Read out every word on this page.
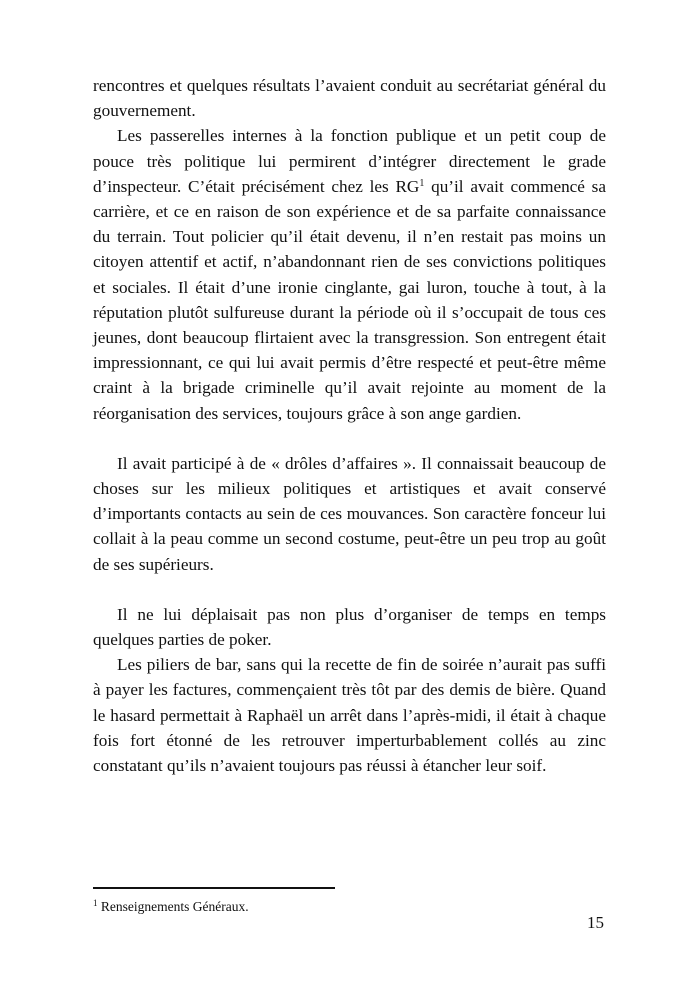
rencontres et quelques résultats l’avaient conduit au secrétariat général du gouvernement.

Les passerelles internes à la fonction publique et un petit coup de pouce très politique lui permirent d’intégrer directement le grade d’inspecteur. C’était précisément chez les $RG^1$ qu’il avait commencé sa carrière, et ce en raison de son expérience et de sa parfaite connaissance du terrain. Tout policier qu’il était devenu, il n’en restait pas moins un citoyen attentif et actif, n’abandonnant rien de ses convictions politiques et sociales. Il était d’une ironie cinglante, gai luron, touche à tout, à la réputation plutôt sulfureuse durant la période où il s’occupait de tous ces jeunes, dont beaucoup flirtaient avec la transgression. Son entregent était impressionnant, ce qui lui avait permis d’être respecté et peut-être même craint à la brigade criminelle qu’il avait rejointe au moment de la réorganisation des services, toujours grâce à son ange gardien.

Il avait participé à de « drôles d’affaires ». Il connaissait beaucoup de choses sur les milieux politiques et artistiques et avait conservé d’importants contacts au sein de ces mouvances. Son caractère fonceur lui collait à la peau comme un second costume, peut-être un peu trop au goût de ses supérieurs.

Il ne lui déplaisait pas non plus d’organiser de temps en temps quelques parties de poker.

Les piliers de bar, sans qui la recette de fin de soirée n’aurait pas suffi à payer les factures, commençaient très tôt par des demis de bière. Quand le hasard permettait à Raphaël un arrêt dans l’après-midi, il était à chaque fois fort étonné de les retrouver imperturbablement collés au zinc constatant qu’ils n’avaient toujours pas réussi à étancher leur soif.

$^1$ Renseignements Généraux.
15
